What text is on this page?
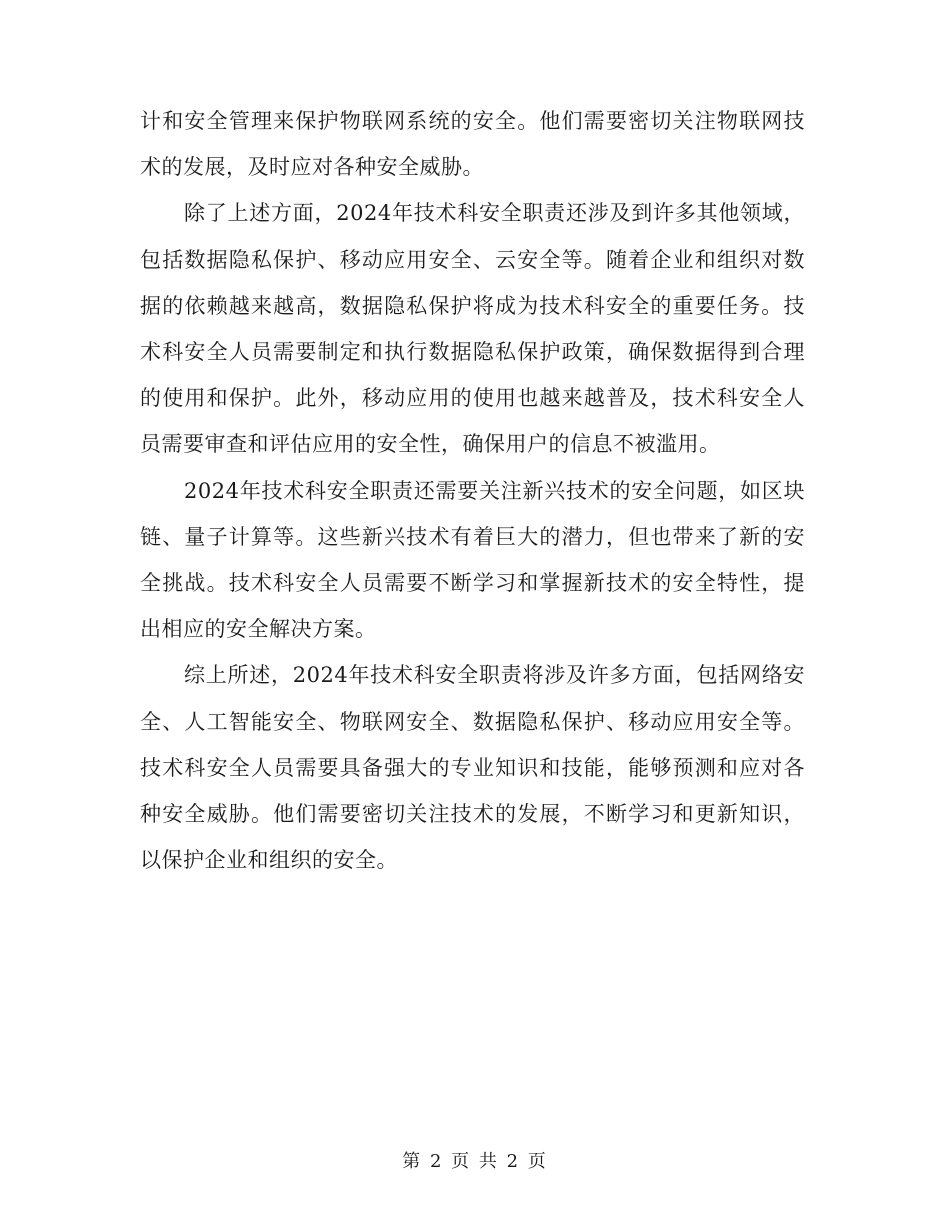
计和安全管理来保护物联网系统的安全。他们需要密切关注物联网技术的发展，及时应对各种安全威胁。

除了上述方面，2024年技术科安全职责还涉及到许多其他领域，包括数据隐私保护、移动应用安全、云安全等。随着企业和组织对数据的依赖越来越高，数据隐私保护将成为技术科安全的重要任务。技术科安全人员需要制定和执行数据隐私保护政策，确保数据得到合理的使用和保护。此外，移动应用的使用也越来越普及，技术科安全人员需要审查和评估应用的安全性，确保用户的信息不被滥用。

2024年技术科安全职责还需要关注新兴技术的安全问题，如区块链、量子计算等。这些新兴技术有着巨大的潜力，但也带来了新的安全挑战。技术科安全人员需要不断学习和掌握新技术的安全特性，提出相应的安全解决方案。

综上所述，2024年技术科安全职责将涉及许多方面，包括网络安全、人工智能安全、物联网安全、数据隐私保护、移动应用安全等。技术科安全人员需要具备强大的专业知识和技能，能够预测和应对各种安全威胁。他们需要密切关注技术的发展，不断学习和更新知识，以保护企业和组织的安全。

第 2 页 共 2 页
